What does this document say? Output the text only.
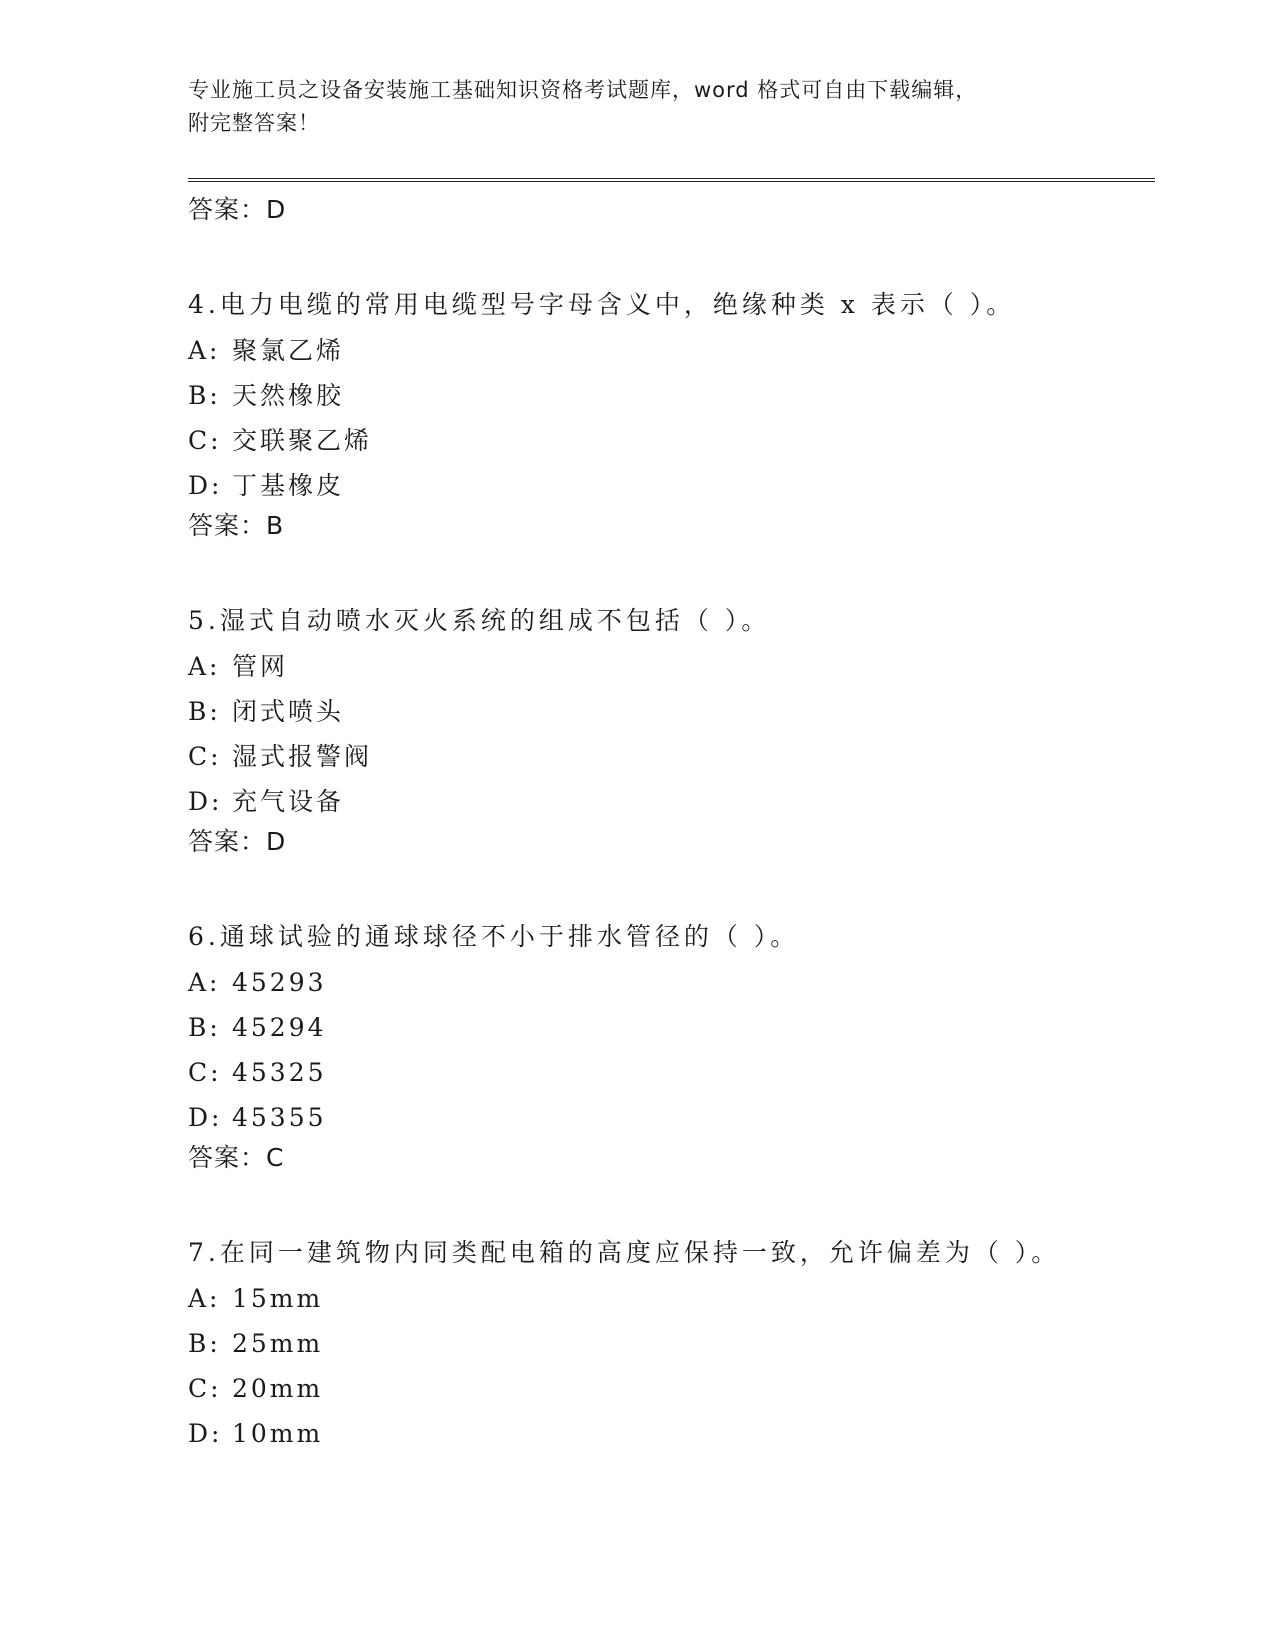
专业施工员之设备安装施工基础知识资格考试题库，word 格式可自由下载编辑，
附完整答案！
答案：D
4.电力电缆的常用电缆型号字母含义中，绝缘种类 x 表示（ ）。
A: 聚氯乙烯
B: 天然橡胶
C: 交联聚乙烯
D: 丁基橡皮
答案：B
5.湿式自动喷水灭火系统的组成不包括（ ）。
A: 管网
B: 闭式喷头
C: 湿式报警阀
D: 充气设备
答案：D
6.通球试验的通球球径不小于排水管径的（ ）。
A: 45293
B: 45294
C: 45325
D: 45355
答案：C
7.在同一建筑物内同类配电箱的高度应保持一致，允许偏差为（ ）。
A: 15mm
B: 25mm
C: 20mm
D: 10mm
